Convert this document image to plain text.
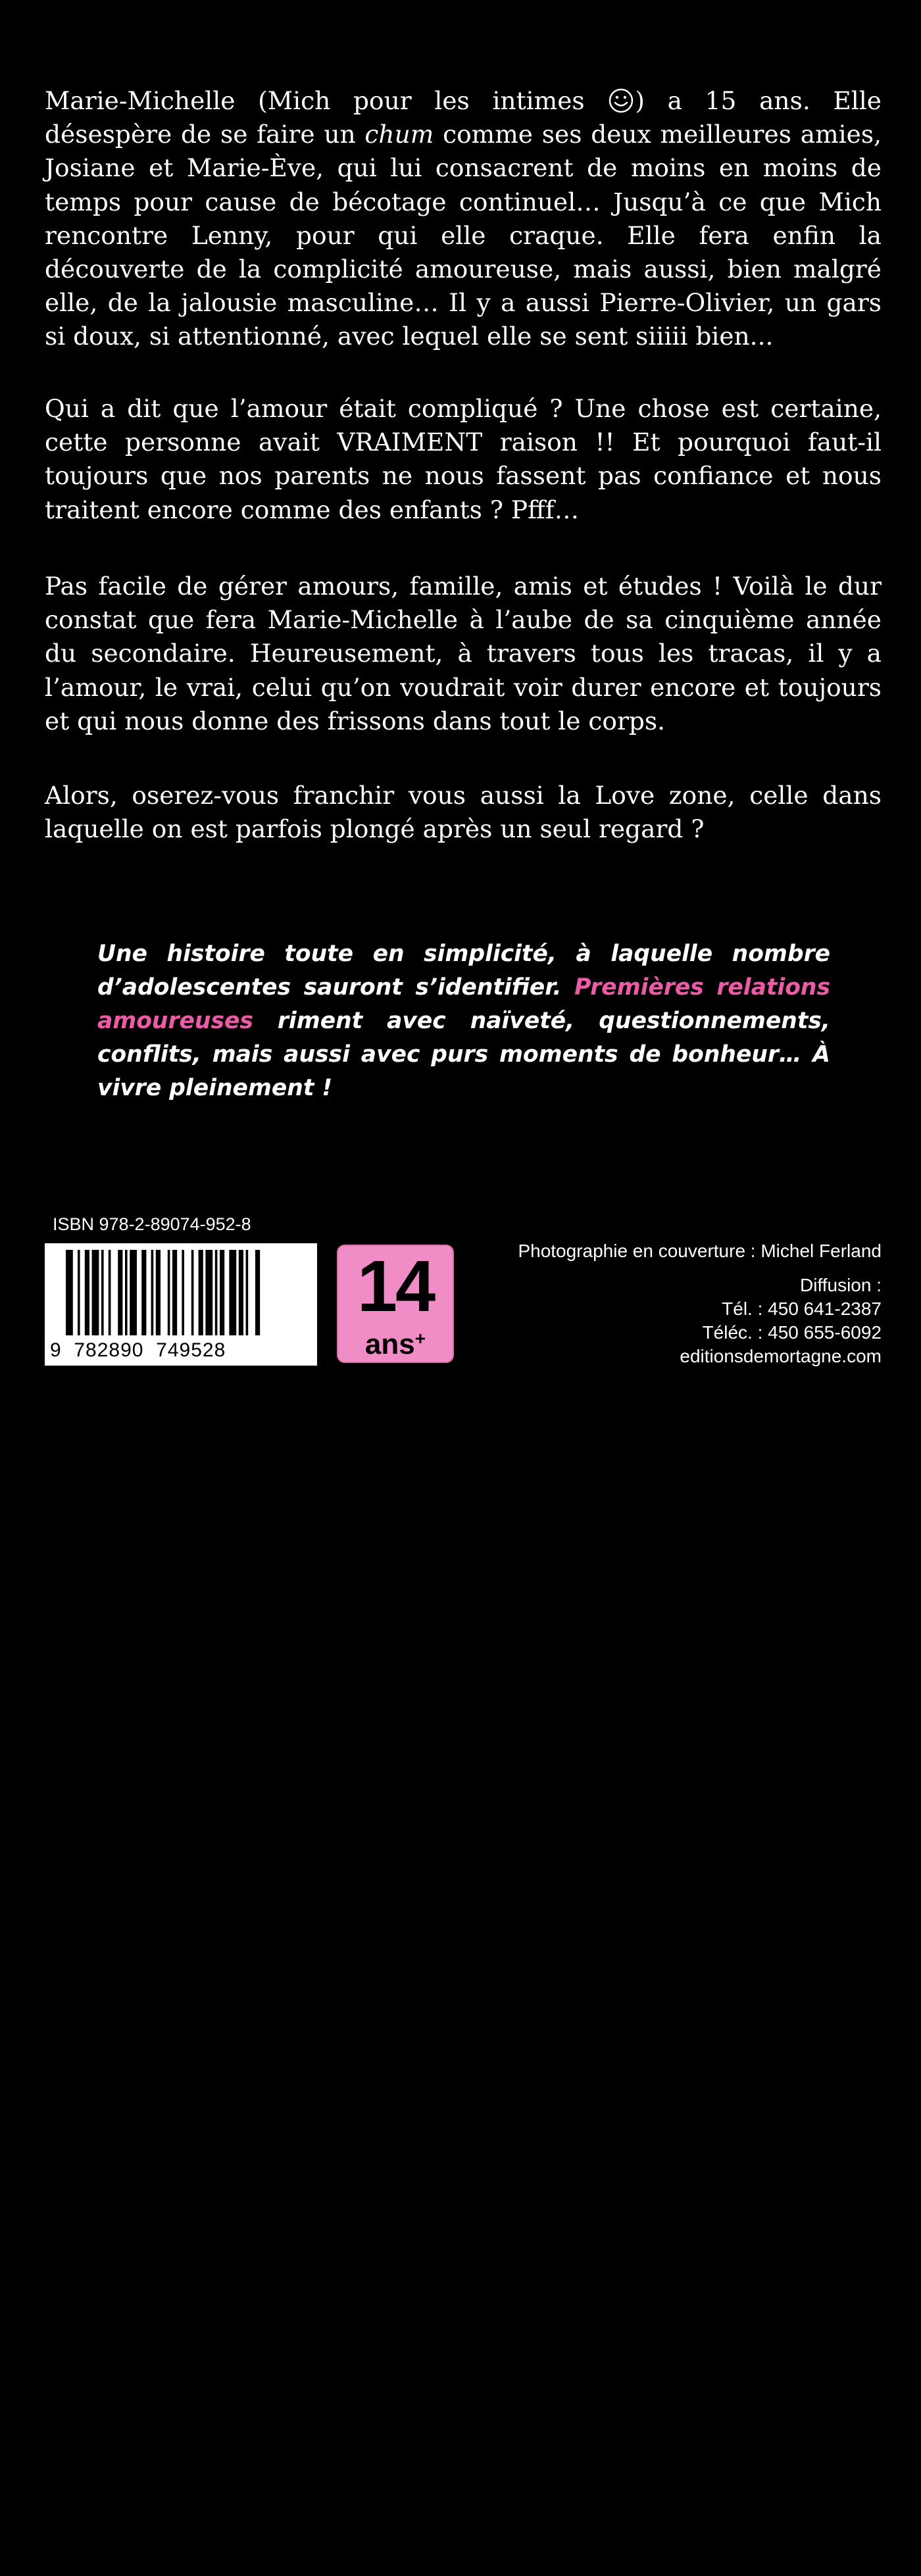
Marie-Michelle (Mich pour les intimes ) a 15 ans. Elle désespère de se faire un chum comme ses deux meilleures amies, Josiane et Marie-Ève, qui lui consacrent de moins en moins de temps pour cause de bécotage continuel… Jusqu’à ce que Mich rencontre Lenny, pour qui elle craque. Elle fera enfin la découverte de la complicité amoureuse, mais aussi, bien malgré elle, de la jalousie masculine… Il y a aussi Pierre-Olivier, un gars si doux, si attentionné, avec lequel elle se sent siiiii bien...

Qui a dit que l’amour était compliqué ? Une chose est certaine, cette personne avait VRAIMENT raison !! Et pourquoi faut-il toujours que nos parents ne nous fassent pas confiance et nous traitent encore comme des enfants ? Pfff…

Pas facile de gérer amours, famille, amis et études ! Voilà le dur constat que fera Marie-Michelle à l’aube de sa cinquième année du secondaire. Heureusement, à travers tous les tracas, il y a l’amour, le vrai, celui qu’on voudrait voir durer encore et toujours et qui nous donne des frissons dans tout le corps.

Alors, oserez-vous franchir vous aussi la Love zone, celle dans laquelle on est parfois plongé après un seul regard ?

Une histoire toute en simplicité, à laquelle nombre d’adolescentes sauront s’identifier. Premières relations amoureuses riment avec naïveté, questionnements, conflits, mais aussi avec purs moments de bonheur… À vivre pleinement !

ISBN 978-2-89074-952-8
9 782890 749528
16,95 $
14
ans+
Photographie en couverture : Michel Ferland
Diffusion :
Tél. : 450 641-2387
Téléc. : 450 655-6092
editionsdemortagne.com
